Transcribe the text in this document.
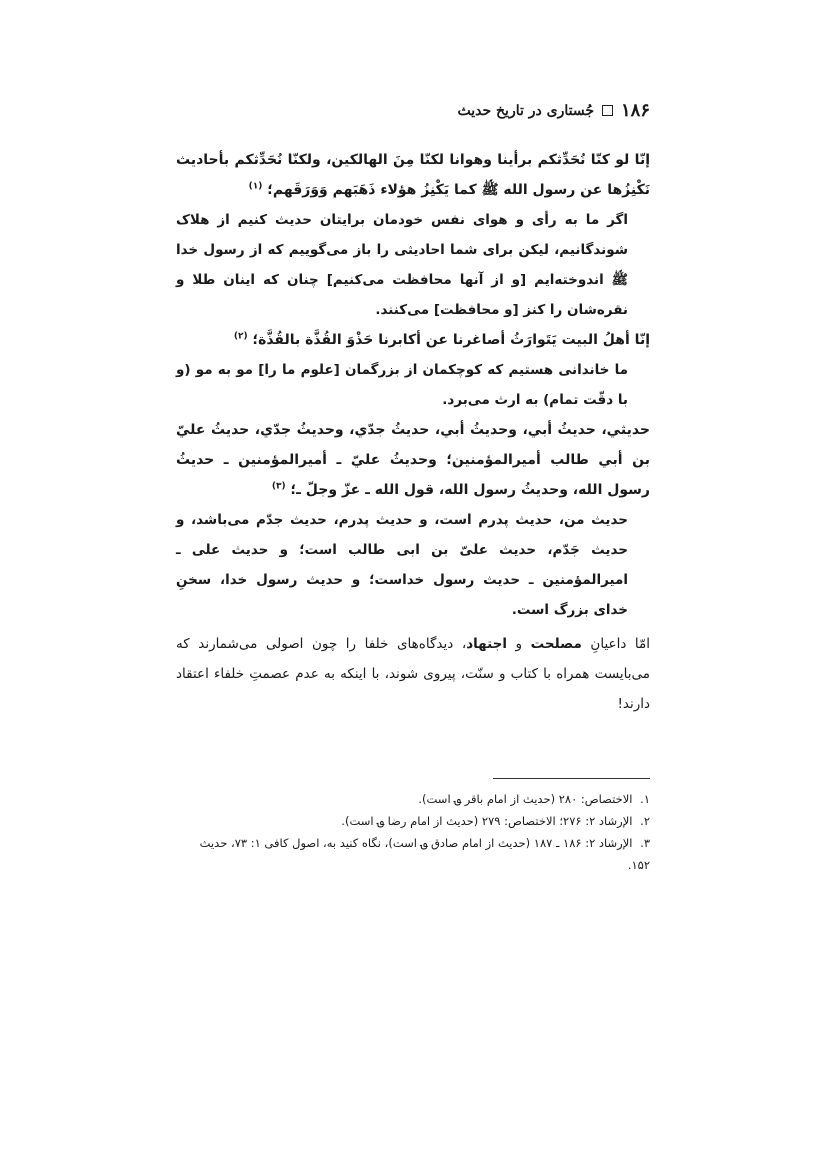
۱۸۶
جُستاری در تاریخ حدیث

إنّا لو كنّا نُحَدِّثكم برأينا وهوانا لكنّا مِنَ الهالكين، ولكنّا نُحَدِّثكم بأحاديث نَكْنِزُها عن رسول الله ﷺ كما يَكْنِزُ هؤلاء ذَهَبَهم وَوَرَقَهم؛ $^{(۱)}$

اگر ما به رأی و هوای نفس خودمان برایتان حدیث کنیم از هلاک شوندگانیم، لیکن برای شما احادیثی را باز می‌گوییم که از رسول خدا ﷺ اندوخته‌ایم [و از آنها محافظت می‌کنیم] چنان که اینان طلا و نقره‌شان را کنز [و محافظت] می‌کنند.

إنّا أهلُ البيت يَتَوارَثُ أصاغرنا عن أكابرنا حَذْوَ القُذَّة بالقُذَّة؛ $^{(۲)}$

ما خاندانی هستیم که کوچکمان از بزرگمان [علوم ما را] مو به مو (و با دقّت تمام) به ارث می‌برد.

حديثي، حديثُ أبي، وحديثُ أبي، حديثُ جدّي، وحديثُ جدّي، حديثُ عليّ بن أبي طالب أميرالمؤمنين؛ وحديثُ عليّ ـ أميرالمؤمنين ـ حديثُ رسول الله، وحديثُ رسول الله، قول الله ـ عزّ وجلّ ـ؛ $^{(۳)}$

حدیث من، حدیث پدرم است، و حدیث پدرم، حدیث جدّم می‌باشد، و حدیث جَدّم، حدیث علیّ بن ابی طالب است؛ و حدیث علی ـ امیرالمؤمنین ـ حدیث رسول خداست؛ و حدیث رسول خدا، سخنِ خدای بزرگ است.

امّا داعیانِ مصلحت و اجتهاد، دیدگاه‌های خلفا را چون اصولی می‌شمارند که می‌بایست همراه با کتاب و سنّت، پیروی شوند، با اینکه به عدم عصمتِ خلفاء اعتقاد دارند!

۱. الاختصاص: ۲۸۰ (حدیث از امام باقر ؈ است).

۲. الإرشاد ۲: ۲۷۶؛ الاختصاص: ۲۷۹ (حدیث از امام رضا ؈ است).

۳. الإرشاد ۲: ۱۸۶ ـ ۱۸۷ (حدیث از امام صادق ؈ است)، نگاه کنید به، اصول کافی ۱: ۷۳، حدیث ۱۵۲.
